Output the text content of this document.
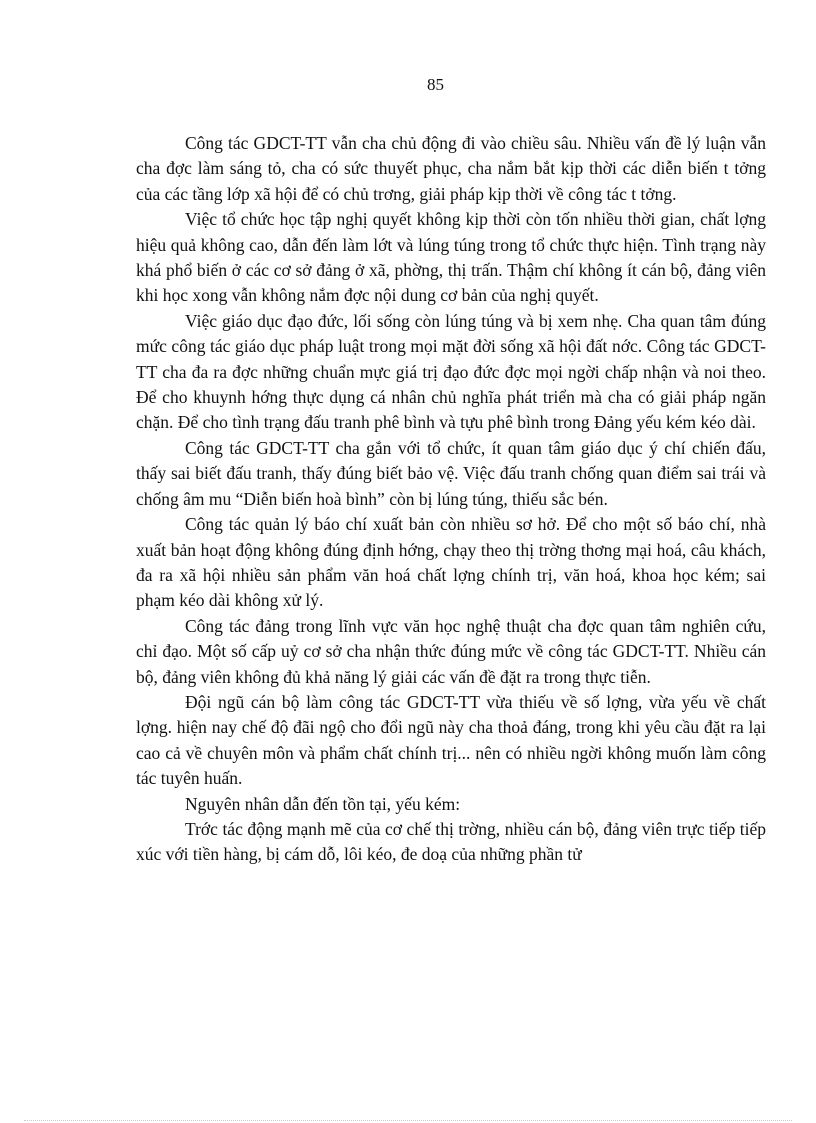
85

Công tác GDCT-TT vẫn cha chủ động đi vào chiều sâu. Nhiều vấn đề lý luận vẫn cha đợc làm sáng tỏ, cha có sức thuyết phục, cha nắm bắt kịp thời các diễn biến t tởng của các tầng lớp xã hội để có chủ trơng, giải pháp kịp thời về công tác t tởng.

Việc tổ chức học tập nghị quyết không kịp thời còn tốn nhiều thời gian, chất lợng hiệu quả không cao, dẫn đến làm lớt và lúng túng trong tổ chức thực hiện. Tình trạng này khá phổ biến ở các cơ sở đảng ở xã, phờng, thị trấn. Thậm chí không ít cán bộ, đảng viên khi học xong vẫn không nắm đợc nội dung cơ bản của nghị quyết.

Việc giáo dục đạo đức, lối sống còn lúng túng và bị xem nhẹ. Cha quan tâm đúng mức công tác giáo dục pháp luật trong mọi mặt đời sống xã hội đất nớc. Công tác GDCT-TT cha đa ra đợc những chuẩn mực giá trị đạo đức đợc mọi ngời chấp nhận và noi theo. Để cho khuynh hớng thực dụng cá nhân chủ nghĩa phát triển mà cha có giải pháp ngăn chặn. Để cho tình trạng đấu tranh phê bình và tựu phê bình trong Đảng yếu kém kéo dài.

Công tác GDCT-TT cha gắn với tổ chức, ít quan tâm giáo dục ý chí chiến đấu, thấy sai biết đấu tranh, thấy đúng biết bảo vệ. Việc đấu tranh chống quan điểm sai trái và chống âm mu “Diễn biến hoà bình” còn bị lúng túng, thiếu sắc bén.

Công tác quản lý báo chí xuất bản còn nhiều sơ hở. Để cho một số báo chí, nhà xuất bản hoạt động không đúng định hớng, chạy theo thị trờng thơng mại hoá, câu khách, đa ra xã hội nhiều sản phẩm văn hoá chất lợng chính trị, văn hoá, khoa học kém; sai phạm kéo dài không xử lý.

Công tác đảng trong lĩnh vực văn học nghệ thuật cha đợc quan tâm nghiên cứu, chỉ đạo. Một số cấp uỷ cơ sở cha nhận thức đúng mức về công tác GDCT-TT. Nhiều cán bộ, đảng viên không đủ khả năng lý giải các vấn đề đặt ra trong thực tiễn.

Đội ngũ cán bộ làm công tác GDCT-TT vừa thiếu về số lợng, vừa yếu về chất lợng. hiện nay chế độ đãi ngộ cho đổi ngũ này cha thoả đáng, trong khi yêu cầu đặt ra lại cao cả về chuyên môn và phẩm chất chính trị... nên có nhiều ngời không muốn làm công tác tuyên huấn.

Nguyên nhân dẫn đến tồn tại, yếu kém:

Trớc tác động mạnh mẽ của cơ chế thị trờng, nhiều cán bộ, đảng viên trực tiếp tiếp xúc với tiền hàng, bị cám dỗ, lôi kéo, đe doạ của những phần tử
